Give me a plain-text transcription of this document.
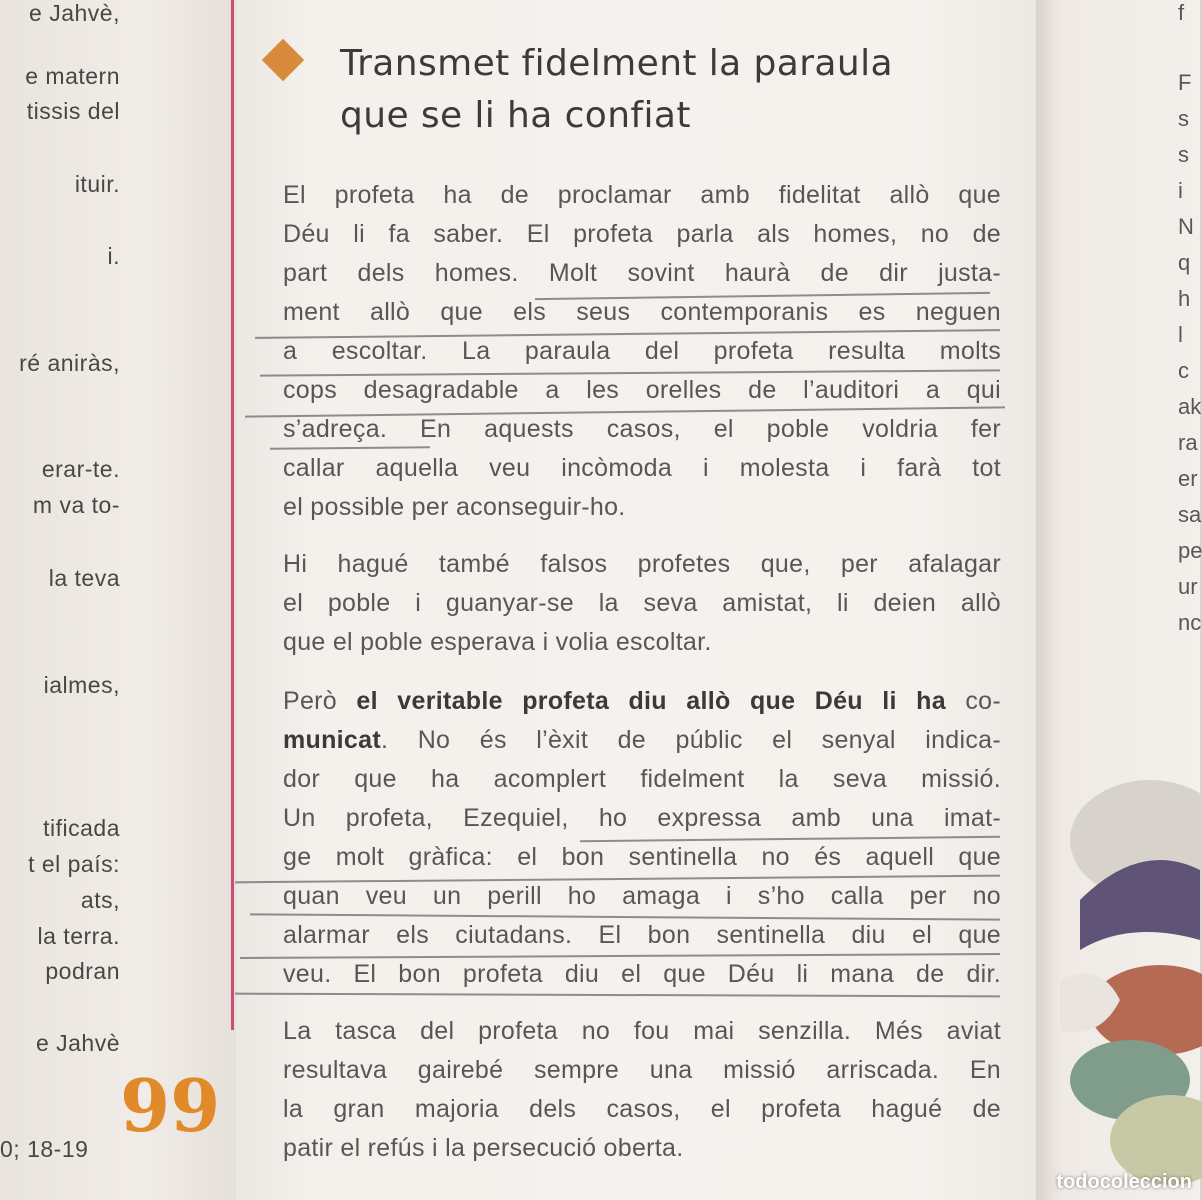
e Jahvè,
e matern
tissis del
ituir.
i.
ré aniràs,
erar-te.
m va to-
la teva
ialmes,
tificada
t el país:
ats,
la terra.
podran
e Jahvè
0; 18-19
99
Transmet fidelment la paraula
que se li ha confiat
El profeta ha de proclamar amb fidelitat allò que
Déu li fa saber. El profeta parla als homes, no de
part dels homes. Molt sovint haurà de dir justa-
ment allò que els seus contemporanis es neguen
a escoltar. La paraula del profeta resulta molts
cops desagradable a les orelles de l’auditori a qui
s’adreça. En aquests casos, el poble voldria fer
callar aquella veu incòmoda i molesta i farà tot
el possible per aconseguir-ho.
Hi hagué també falsos profetes que, per afalagar
el poble i guanyar-se la seva amistat, li deien allò
que el poble esperava i volia escoltar.
Però el veritable profeta diu allò que Déu li ha co-
municat. No és l’èxit de públic el senyal indica-
dor que ha acomplert fidelment la seva missió.
Un profeta, Ezequiel, ho expressa amb una imat-
ge molt gràfica: el bon sentinella no és aquell que
quan veu un perill ho amaga i s’ho calla per no
alarmar els ciutadans. El bon sentinella diu el que
veu. El bon profeta diu el que Déu li mana de dir.
La tasca del profeta no fou mai senzilla. Més aviat
resultava gairebé sempre una missió arriscada. En
la gran majoria dels casos, el profeta hagué de
patir el refús i la persecució oberta.
f
F
s
s
i
N
q
h
l
c
ak
ra
er
sa
pe
ur
nc
todocoleccion
